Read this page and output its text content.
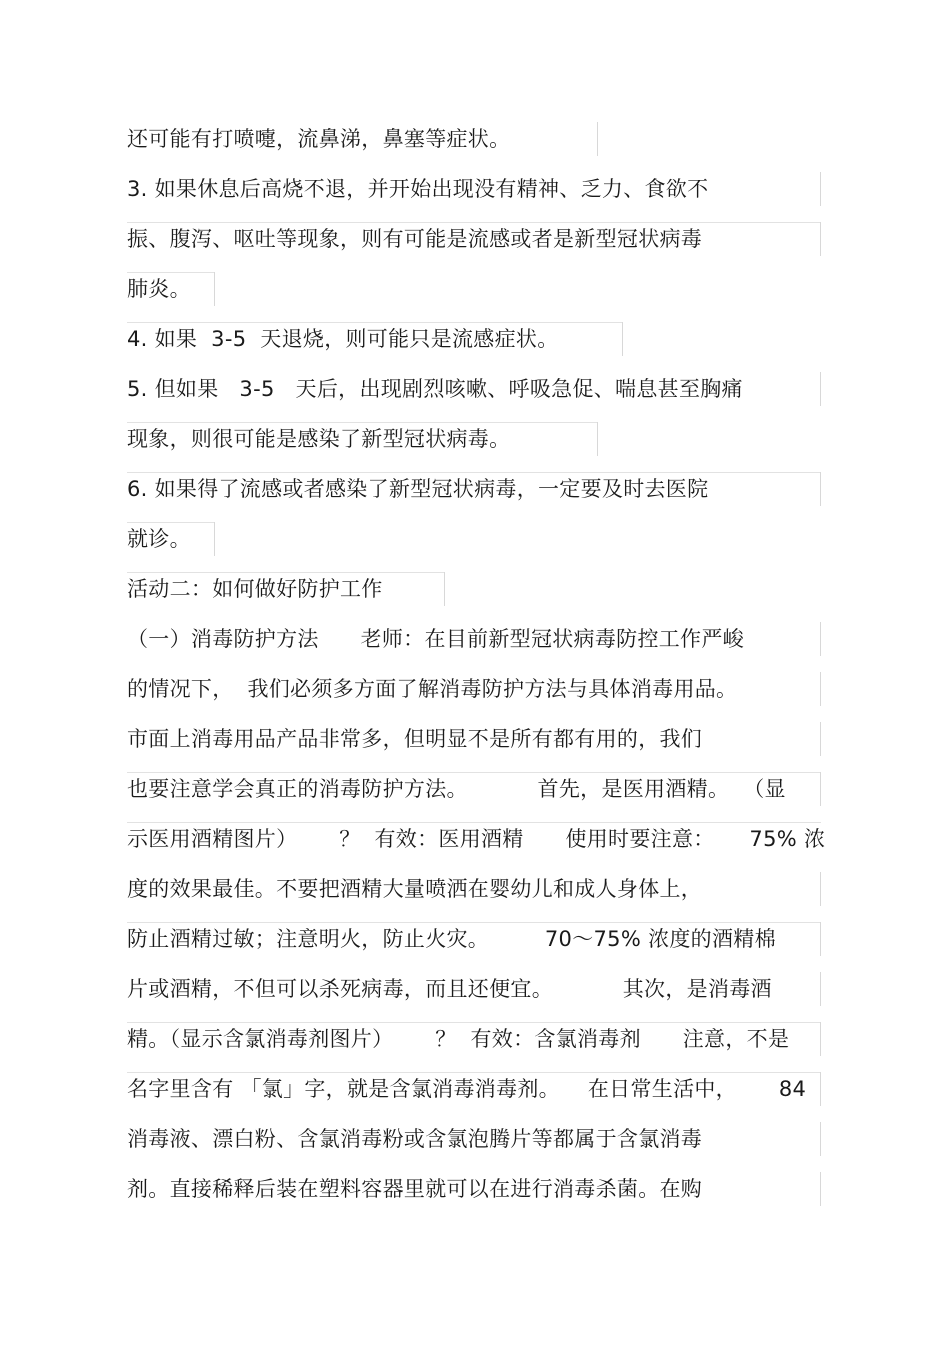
还可能有打喷嚏，流鼻涕，鼻塞等症状。
3. 如果休息后高烧不退，并开始出现没有精神、乏力、食欲不
振、腹泻、呕吐等现象，则有可能是流感或者是新型冠状病毒
肺炎。
4. 如果  3-5  天退烧，则可能只是流感症状。
5. 但如果   3-5   天后，出现剧烈咳嗽、呼吸急促、喘息甚至胸痛
现象，则很可能是感染了新型冠状病毒。
6. 如果得了流感或者感染了新型冠状病毒，一定要及时去医院
就诊。
活动二：如何做好防护工作
（一）消毒防护方法      老师：在目前新型冠状病毒防控工作严峻
的情况下，  我们必须多方面了解消毒防护方法与具体消毒用品。
市面上消毒用品产品非常多，但明显不是所有都有用的，我们
也要注意学会真正的消毒防护方法。          首先，是医用酒精。  （显
示医用酒精图片）      ？  有效：医用酒精      使用时要注意：     75% 浓
度的效果最佳。不要把酒精大量喷洒在婴幼儿和成人身体上，
防止酒精过敏；注意明火，防止火灾。        70～75% 浓度的酒精棉
片或酒精，不但可以杀死病毒，而且还便宜。          其次，是消毒酒
精。（显示含氯消毒剂图片）      ？  有效：含氯消毒剂      注意，不是
名字里含有 「氯」字，就是含氯消毒消毒剂。    在日常生活中，      84
消毒液、漂白粉、含氯消毒粉或含氯泡腾片等都属于含氯消毒
剂。直接稀释后装在塑料容器里就可以在进行消毒杀菌。在购
